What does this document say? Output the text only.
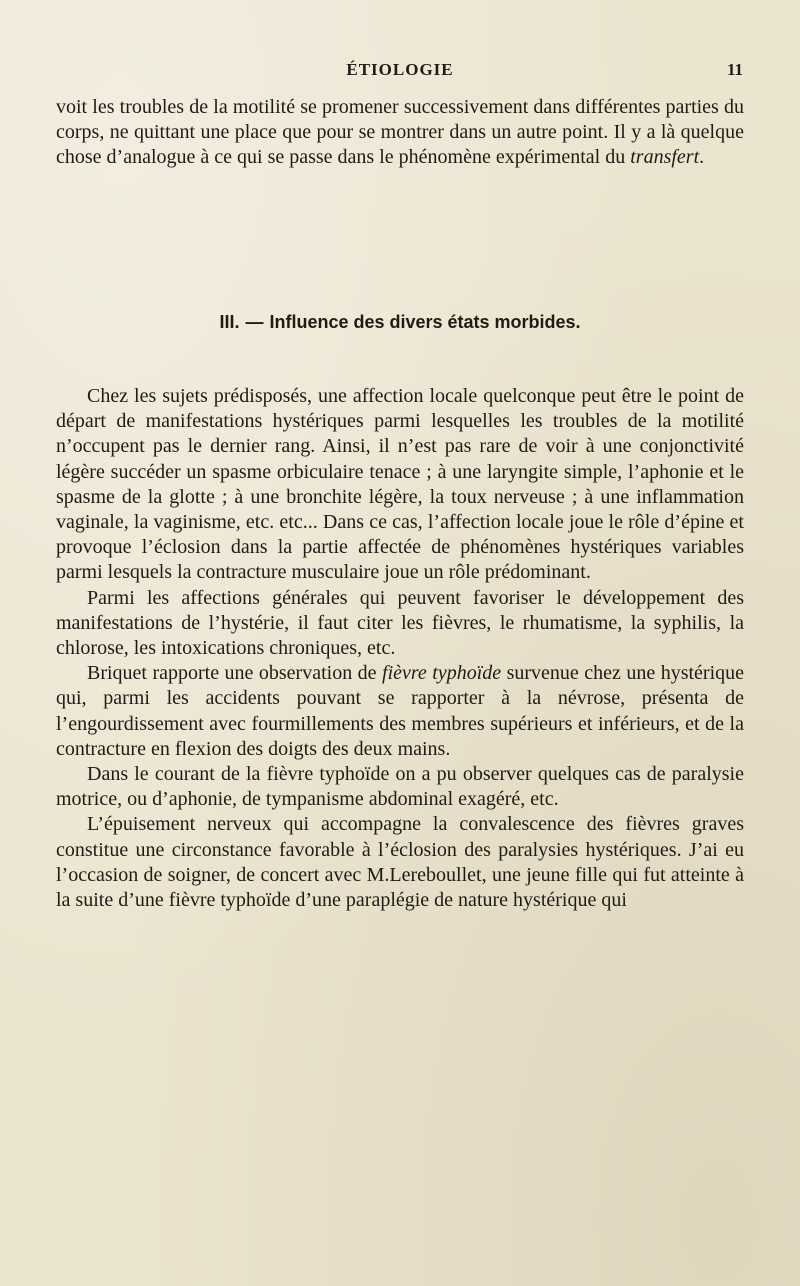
ÉTIOLOGIE	11

voit les troubles de la motilité se promener successivement dans différentes parties du corps, ne quittant une place que pour se montrer dans un autre point. Il y a là quelque chose d’analogue à ce qui se passe dans le phénomène expérimental du transfert.

III. — Influence des divers états morbides.

Chez les sujets prédisposés, une affection locale quelconque peut être le point de départ de manifestations hystériques parmi lesquelles les troubles de la motilité n’occupent pas le dernier rang. Ainsi, il n’est pas rare de voir à une conjonctivité légère succéder un spasme orbiculaire tenace ; à une laryngite simple, l’aphonie et le spasme de la glotte ; à une bronchite légère, la toux nerveuse ; à une inflammation vaginale, la vaginisme, etc. etc... Dans ce cas, l’affection locale joue le rôle d’épine et provoque l’éclosion dans la partie affectée de phénomènes hystériques variables parmi lesquels la contracture musculaire joue un rôle prédominant.

Parmi les affections générales qui peuvent favoriser le développement des manifestations de l’hystérie, il faut citer les fièvres, le rhumatisme, la syphilis, la chlorose, les intoxications chroniques, etc.

Briquet rapporte une observation de fièvre typhoïde survenue chez une hystérique qui, parmi les accidents pouvant se rapporter à la névrose, présenta de l’engourdissement avec fourmillements des membres supérieurs et inférieurs, et de la contracture en flexion des doigts des deux mains.

Dans le courant de la fièvre typhoïde on a pu observer quelques cas de paralysie motrice, ou d’aphonie, de tympanisme abdominal exagéré, etc.

L’épuisement nerveux qui accompagne la convalescence des fièvres graves constitue une circonstance favorable à l’éclosion des paralysies hystériques. J’ai eu l’occasion de soigner, de concert avec M.Lereboullet, une jeune fille qui fut atteinte à la suite d’une fièvre typhoïde d’une paraplégie de nature hystérique qui
